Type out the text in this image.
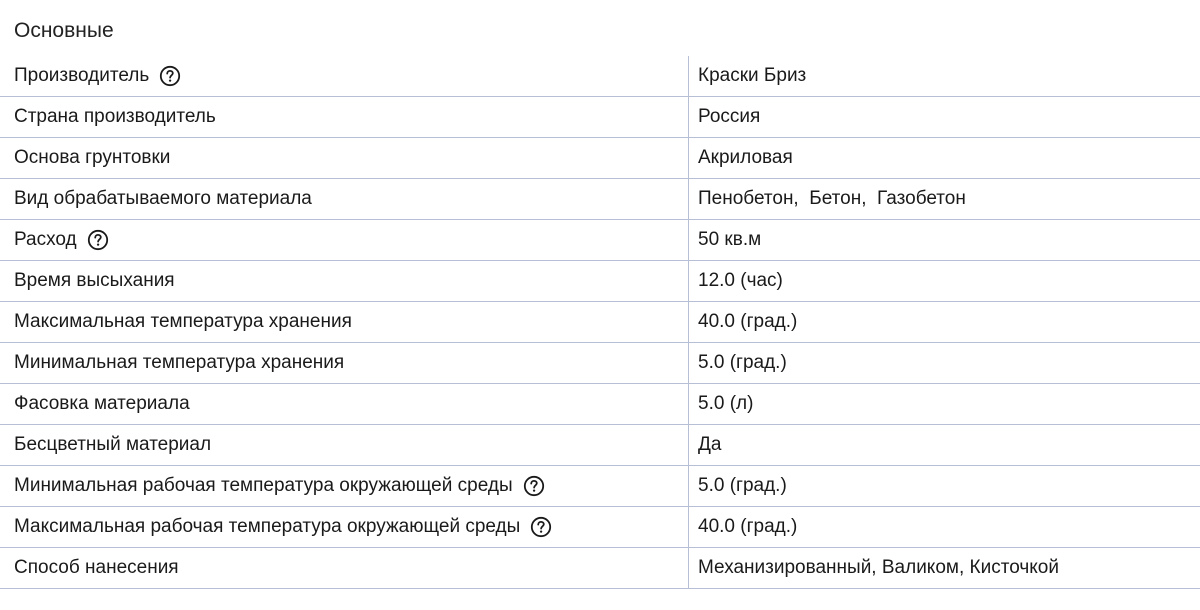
Основные
Производитель	Краски Бриз
Страна производитель	Россия
Основа грунтовки	Акриловая
Вид обрабатываемого материала	Пенобетон,  Бетон,  Газобетон
Расход	50 кв.м
Время высыхания	12.0 (час)
Максимальная температура хранения	40.0 (град.)
Минимальная температура хранения	5.0 (град.)
Фасовка материала	5.0 (л)
Бесцветный материал	Да
Минимальная рабочая температура окружающей среды	5.0 (град.)
Максимальная рабочая температура окружающей среды	40.0 (град.)
Способ нанесения	Механизированный, Валиком, Кисточкой
